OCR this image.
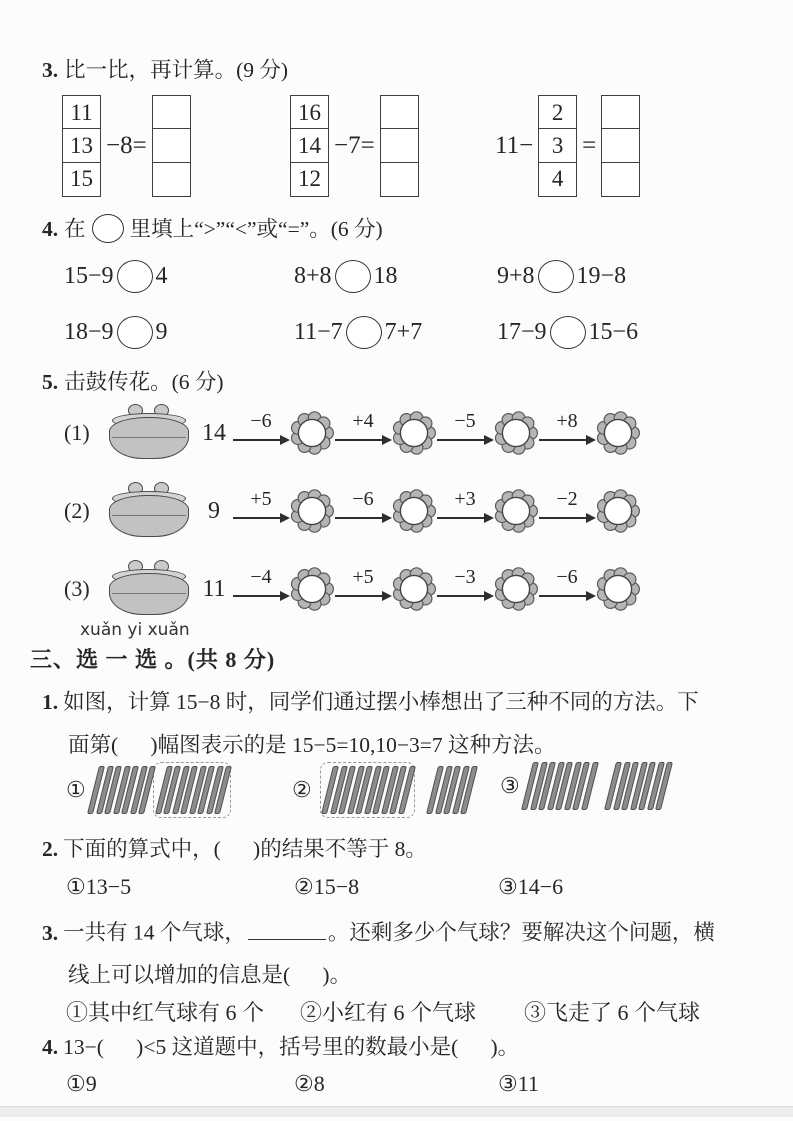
3. 比一比，再计算。(9 分)
11
13
15
−8=
16
14
12
−7=	11−
2
3
4
=
4. 在 里填上“>”“<”或“=”。(6 分)
15−9 4	8+8 18	9+8 19−8
18−9 9	11−7 7+7	17−9 15−6
5. 击鼓传花。(6 分)
(1)	14 −6	+4	−5	+8
(2)	9	+5	−6	+3	−2
(3)	11 −4	+5	−3	−6
xuǎn yi xuǎn
三、选 一 选 。(共 8 分)
1. 如图，计算 15−8 时，同学们通过摆小棒想出了三种不同的方法。下
面第(      )幅图表示的是 15−5=10,10−3=7 这种方法。
①	②	③
2. 下面的算式中，(      )的结果不等于 8。
①13−5	②15−8	③14−6
3. 一共有 14 个气球，	。还剩多少个气球？要解决这个问题，横
线上可以增加的信息是(      )。
①其中红气球有 6 个 ②小红有 6 个气球 ③飞走了 6 个气球
4. 13−(      )<5 这道题中，括号里的数最小是(      )。
①9	②8	③11
